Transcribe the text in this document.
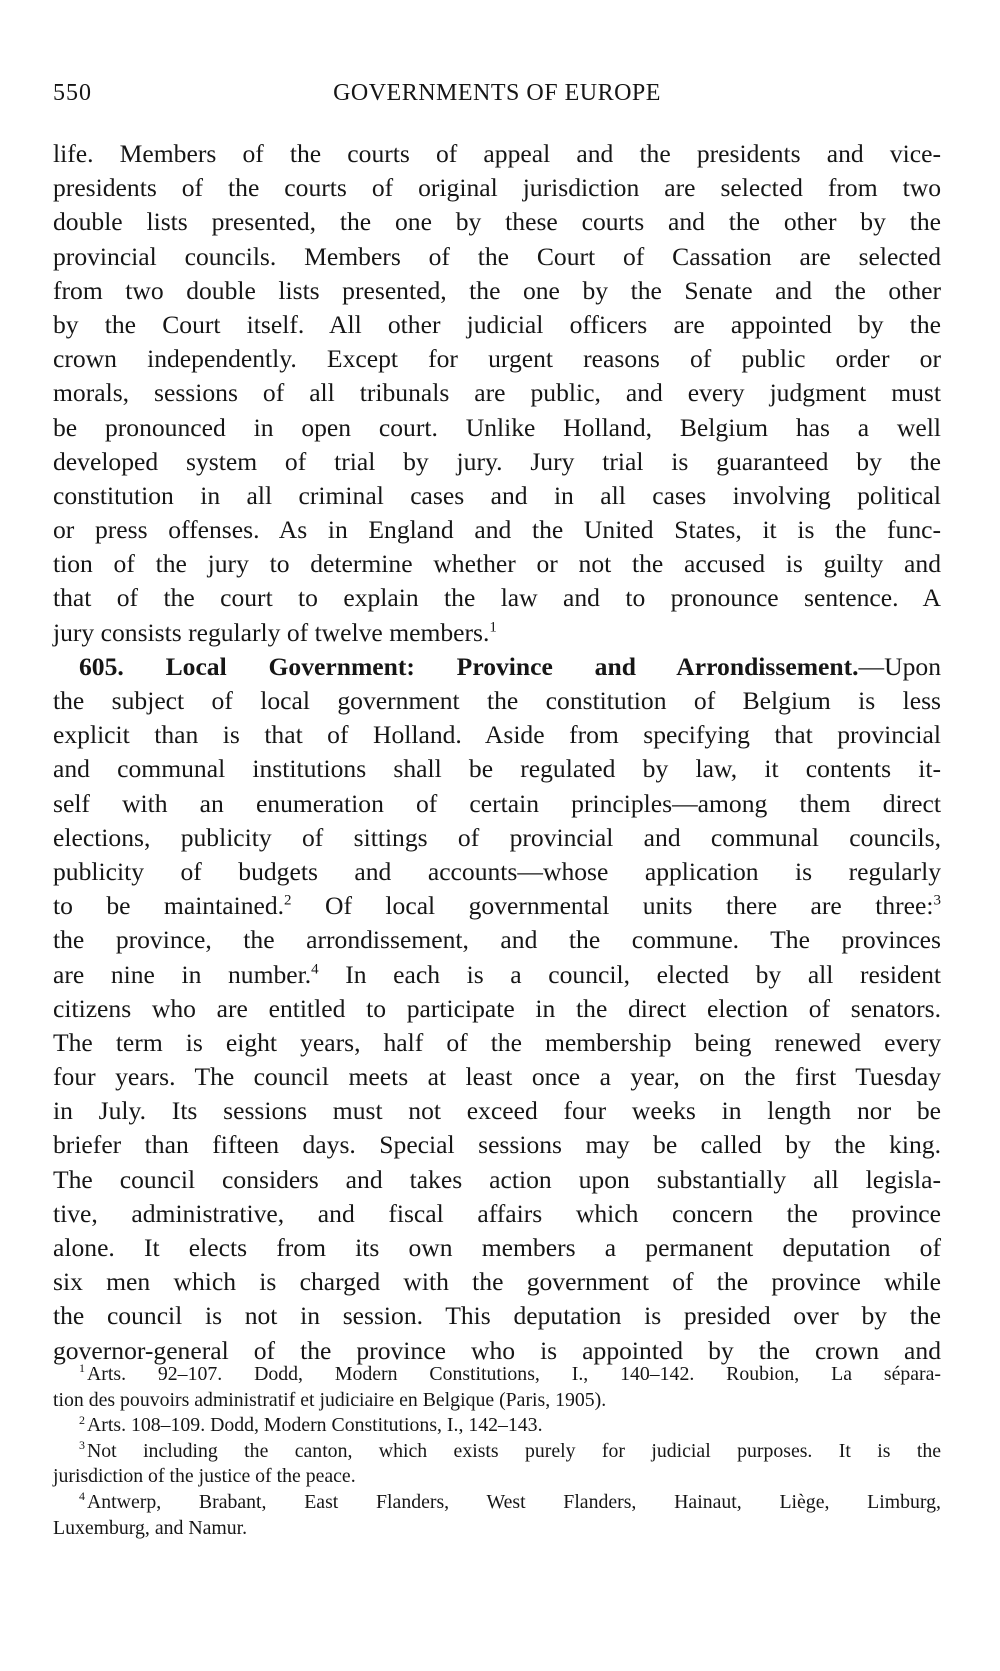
550	GOVERNMENTS OF EUROPE
life. Members of the courts of appeal and the presidents and vice-
presidents of the courts of original jurisdiction are selected from two
double lists presented, the one by these courts and the other by the
provincial councils. Members of the Court of Cassation are selected
from two double lists presented, the one by the Senate and the other
by the Court itself. All other judicial officers are appointed by the
crown independently. Except for urgent reasons of public order or
morals, sessions of all tribunals are public, and every judgment must
be pronounced in open court. Unlike Holland, Belgium has a well
developed system of trial by jury. Jury trial is guaranteed by the
constitution in all criminal cases and in all cases involving political
or press offenses. As in England and the United States, it is the func-
tion of the jury to determine whether or not the accused is guilty and
that of the court to explain the law and to pronounce sentence. A
jury consists regularly of twelve members.$^1$
605. Local Government: Province and Arrondissement.—Upon
the subject of local government the constitution of Belgium is less
explicit than is that of Holland. Aside from specifying that provincial
and communal institutions shall be regulated by law, it contents it-
self with an enumeration of certain principles—among them direct
elections, publicity of sittings of provincial and communal councils,
publicity of budgets and accounts—whose application is regularly
to be maintained.$^2$ Of local governmental units there are three:$^3$
the province, the arrondissement, and the commune. The provinces
are nine in number.$^4$ In each is a council, elected by all resident
citizens who are entitled to participate in the direct election of senators.
The term is eight years, half of the membership being renewed every
four years. The council meets at least once a year, on the first Tuesday
in July. Its sessions must not exceed four weeks in length nor be
briefer than fifteen days. Special sessions may be called by the king.
The council considers and takes action upon substantially all legisla-
tive, administrative, and fiscal affairs which concern the province
alone. It elects from its own members a permanent deputation of
six men which is charged with the government of the province while
the council is not in session. This deputation is presided over by the
governor-general of the province who is appointed by the crown and
$^1$ Arts. 92–107. Dodd, Modern Constitutions, I., 140–142. Roubion, La sépara-
tion des pouvoirs administratif et judiciaire en Belgique (Paris, 1905).
$^2$ Arts. 108–109. Dodd, Modern Constitutions, I., 142–143.
$^3$ Not including the canton, which exists purely for judicial purposes. It is the
jurisdiction of the justice of the peace.
$^4$ Antwerp, Brabant, East Flanders, West Flanders, Hainaut, Liège, Limburg,
Luxemburg, and Namur.
